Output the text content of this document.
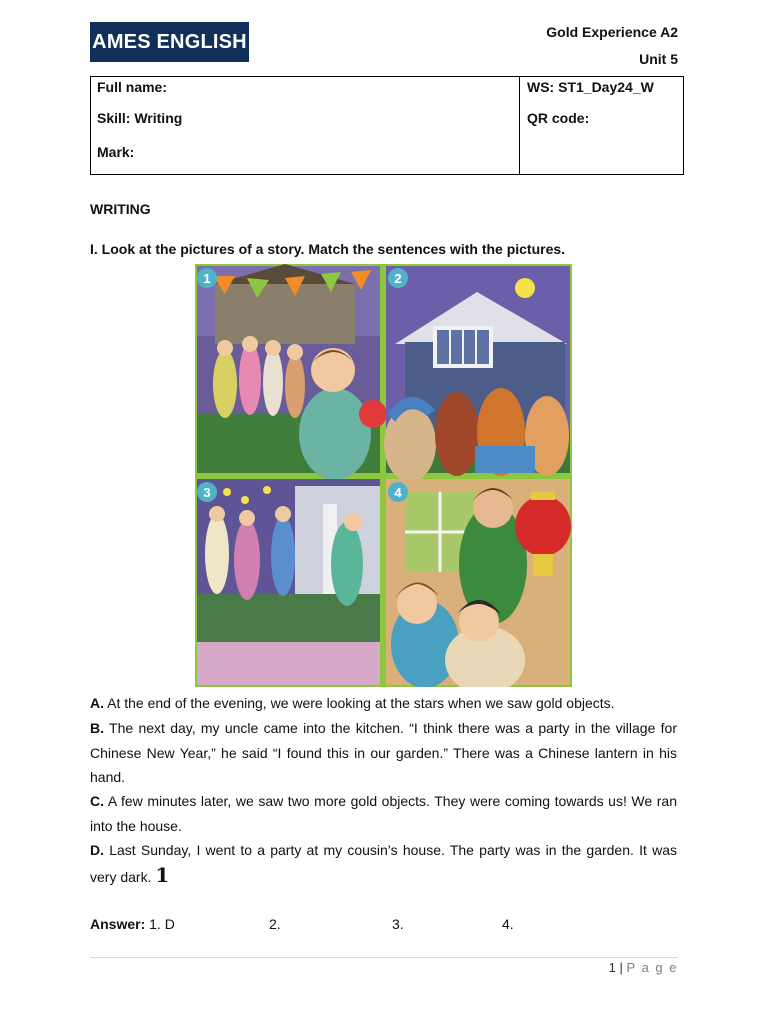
AMES ENGLISH	Gold Experience A2
Unit 5
Full name:
Skill: Writing
Mark:
WS: ST1_Day24_W
QR code:
WRITING
I. Look at the pictures of a story. Match the sentences with the pictures.
1	2
3	4
A. At the end of the evening, we were looking at the stars when we saw gold objects.
B. The next day, my uncle came into the kitchen. “I think there was a party in the village for Chinese New Year,” he said “I found this in our garden.” There was a Chinese lantern in his hand.
C. A few minutes later, we saw two more gold objects. They were coming towards us! We ran into the house.
D. Last Sunday, I went to a party at my cousin’s house. The party was in the garden. It was very dark. 1
Answer: 1. D	2.	3.	4.
1 | P a g e
